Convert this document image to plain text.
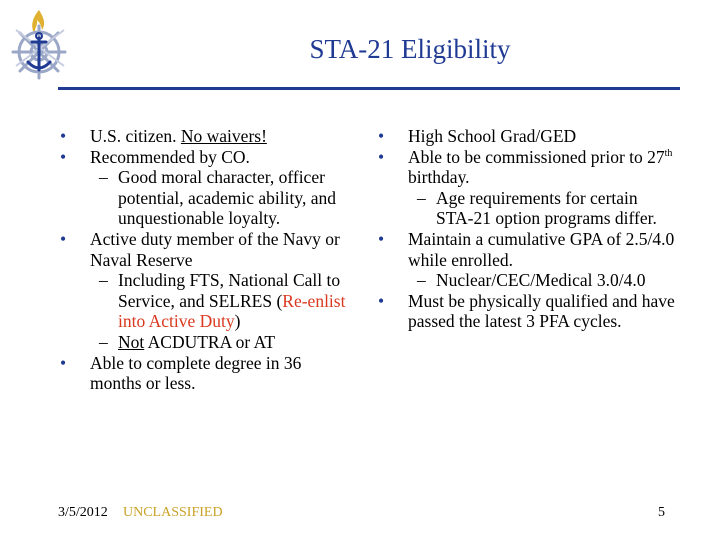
STA-21 Eligibility
• U.S. citizen. No waivers!
• Recommended by CO.
– Good moral character, officer potential, academic ability, and unquestionable loyalty.
• Active duty member of the Navy or Naval Reserve
– Including FTS, National Call to Service, and SELRES (Re-enlist into Active Duty)
– Not ACDUTRA or AT
• Able to complete degree in 36 months or less.
• High School Grad/GED
• Able to be commissioned prior to 27th birthday.
– Age requirements for certain STA-21 option programs differ.
• Maintain a cumulative GPA of 2.5/4.0 while enrolled.
– Nuclear/CEC/Medical 3.0/4.0
• Must be physically qualified and have passed the latest 3 PFA cycles.
3/5/2012 UNCLASSIFIED	5
